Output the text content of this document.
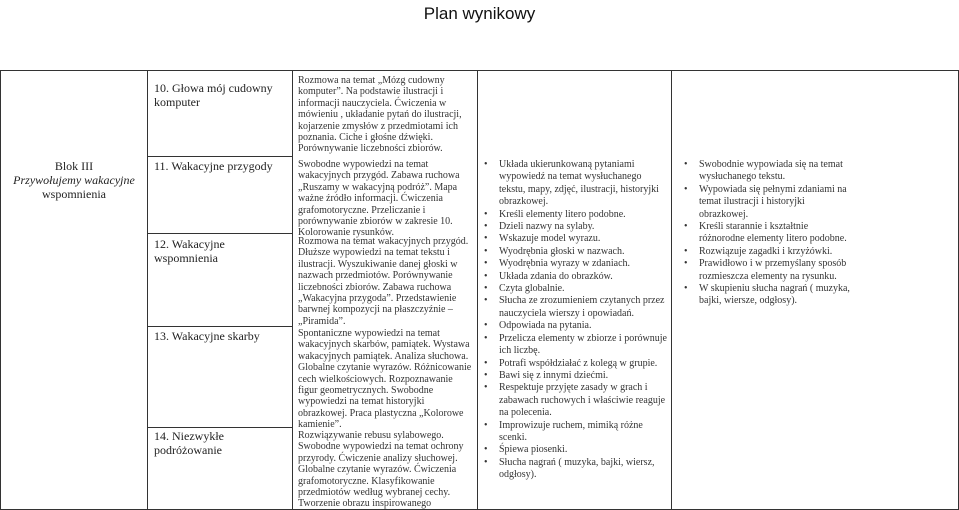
Plan wynikowy
Blok III
Przywołujemy wakacyjne
wspomnienia
10. Głowa mój cudowny komputer
11. Wakacyjne przygody
12. Wakacyjne wspomnienia
13. Wakacyjne skarby
14. Niezwykłe podróżowanie
Rozmowa na temat „Mózg cudowny komputer”. Na podstawie ilustracji i informacji nauczyciela. Ćwiczenia w mówieniu , układanie pytań do ilustracji, kojarzenie zmysłów z przedmiotami ich poznania. Ciche i głośne dźwięki. Porównywanie liczebności zbiorów.
Swobodne wypowiedzi na temat wakacyjnych przygód. Zabawa ruchowa „Ruszamy w wakacyjną podróż”. Mapa ważne źródło informacji. Ćwiczenia grafomotoryczne. Przeliczanie i porównywanie zbiorów w zakresie 10. Kolorowanie rysunków.
Rozmowa na temat wakacyjnych przygód. Dłuższe wypowiedzi na temat tekstu i ilustracji. Wyszukiwanie danej głoski w nazwach przedmiotów. Porównywanie liczebności zbiorów. Zabawa ruchowa „Wakacyjna przygoda”. Przedstawienie barwnej kompozycji na płaszczyźnie – „Piramida”.
Spontaniczne wypowiedzi na temat wakacyjnych skarbów, pamiątek. Wystawa wakacyjnych pamiątek. Analiza słuchowa. Globalne czytanie wyrazów. Różnicowanie cech wielkościowych. Rozpoznawanie figur geometrycznych. Swobodne wypowiedzi na temat historyjki obrazkowej. Praca plastyczna „Kolorowe kamienie”.
Rozwiązywanie rebusu sylabowego. Swobodne wypowiedzi na temat ochrony przyrody. Ćwiczenie analizy słuchowej. Globalne czytanie wyrazów. Ćwiczenia grafomotoryczne. Klasyfikowanie przedmiotów według wybranej cechy. Tworzenie obrazu inspirowanego
• Układa ukierunkowaną pytaniami wypowiedź na temat wysłuchanego tekstu, mapy, zdjęć, ilustracji, historyjki obrazkowej.
• Kreśli elementy litero podobne.
• Dzieli nazwy na sylaby.
• Wskazuje model wyrazu.
• Wyodrębnia głoski w nazwach.
• Wyodrębnia wyrazy w zdaniach.
• Układa zdania do obrazków.
• Czyta globalnie.
• Słucha ze zrozumieniem czytanych przez nauczyciela wierszy i opowiadań.
• Odpowiada na pytania.
• Przelicza elementy w zbiorze i porównuje ich liczbę.
• Potrafi współdziałać z kolegą w grupie.
• Bawi się z innymi dziećmi.
• Respektuje przyjęte zasady w grach i zabawach ruchowych i właściwie reaguje na polecenia.
• Improwizuje ruchem, mimiką różne scenki.
• Śpiewa piosenki.
• Słucha nagrań ( muzyka, bajki, wiersz, odgłosy).
• Swobodnie wypowiada się na temat wysłuchanego tekstu.
• Wypowiada się pełnymi zdaniami na temat ilustracji i historyjki obrazkowej.
• Kreśli starannie i kształtnie różnorodne elementy litero podobne.
• Rozwiązuje zagadki i krzyżówki.
• Prawidłowo i w przemyślany sposób rozmieszcza elementy na rysunku.
• W skupieniu słucha nagrań ( muzyka, bajki, wiersze, odgłosy).
